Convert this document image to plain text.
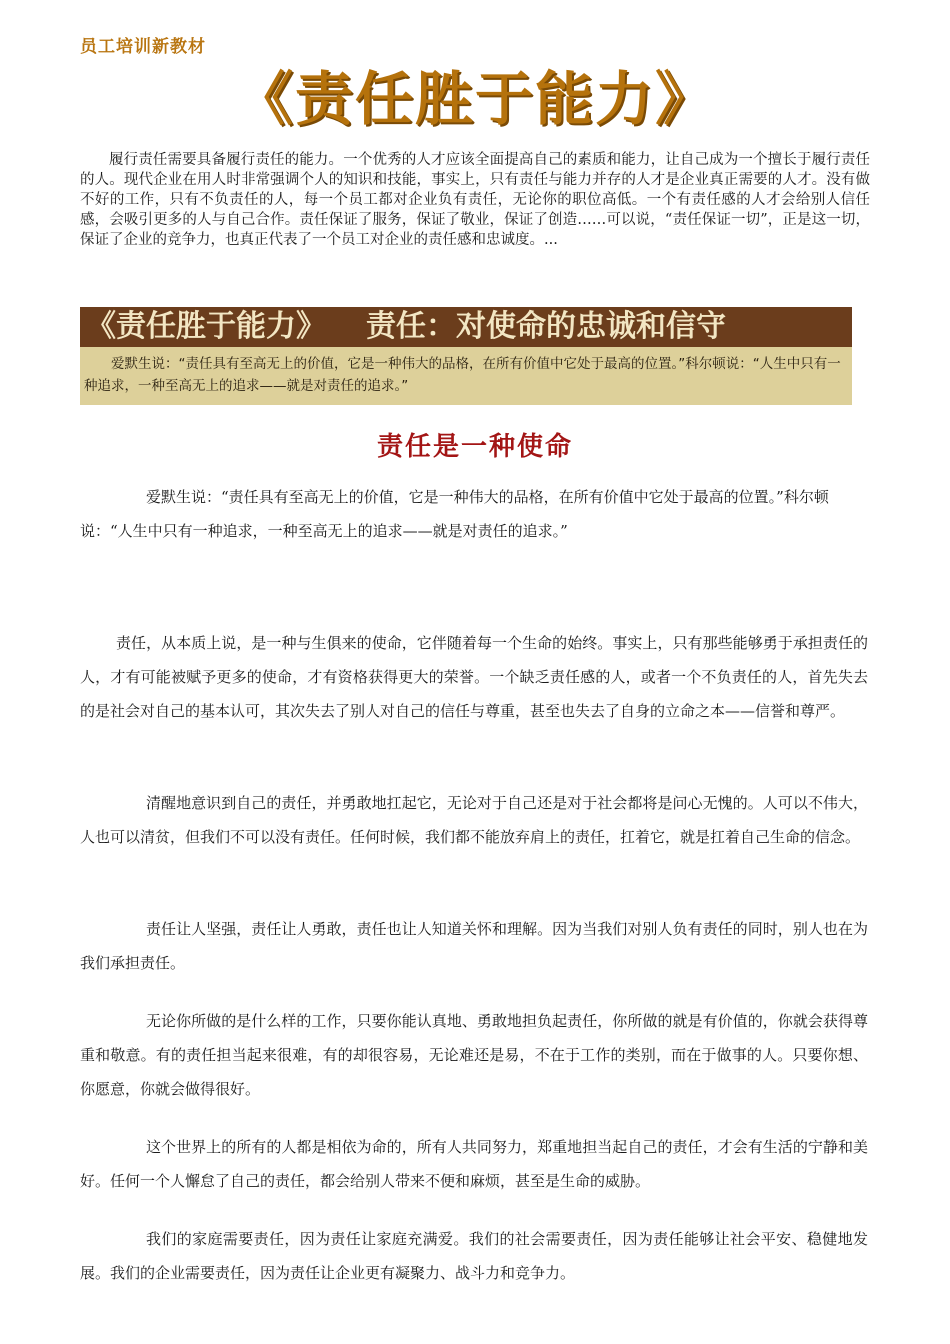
员工培训新教材
《责任胜于能力》
履行责任需要具备履行责任的能力。一个优秀的人才应该全面提高自己的素质和能力，让自己成为一个擅长于履行责任的人。现代企业在用人时非常强调个人的知识和技能，事实上，只有责任与能力并存的人才是企业真正需要的人才。没有做不好的工作，只有不负责任的人，每一个员工都对企业负有责任，无论你的职位高低。一个有责任感的人才会给别人信任感，会吸引更多的人与自己合作。责任保证了服务，保证了敬业，保证了创造……可以说，“责任保证一切”，正是这一切，保证了企业的竞争力，也真正代表了一个员工对企业的责任感和忠诚度。...
《责任胜于能力》 责任：对使命的忠诚和信守
爱默生说：“责任具有至高无上的价值，它是一种伟大的品格，在所有价值中它处于最高的位置。”科尔顿说：“人生中只有一种追求，一种至高无上的追求——就是对责任的追求。”
责任是一种使命
爱默生说：“责任具有至高无上的价值，它是一种伟大的品格，在所有价值中它处于最高的位置。”科尔顿说：“人生中只有一种追求，一种至高无上的追求——就是对责任的追求。”
责任，从本质上说，是一种与生俱来的使命，它伴随着每一个生命的始终。事实上，只有那些能够勇于承担责任的人，才有可能被赋予更多的使命，才有资格获得更大的荣誉。一个缺乏责任感的人，或者一个不负责任的人，首先失去的是社会对自己的基本认可，其次失去了别人对自己的信任与尊重，甚至也失去了自身的立命之本——信誉和尊严。
清醒地意识到自己的责任，并勇敢地扛起它，无论对于自己还是对于社会都将是问心无愧的。人可以不伟大，人也可以清贫，但我们不可以没有责任。任何时候，我们都不能放弃肩上的责任，扛着它，就是扛着自己生命的信念。
责任让人坚强，责任让人勇敢，责任也让人知道关怀和理解。因为当我们对别人负有责任的同时，别人也在为我们承担责任。
无论你所做的是什么样的工作，只要你能认真地、勇敢地担负起责任，你所做的就是有价值的，你就会获得尊重和敬意。有的责任担当起来很难，有的却很容易，无论难还是易，不在于工作的类别，而在于做事的人。只要你想、你愿意，你就会做得很好。
这个世界上的所有的人都是相依为命的，所有人共同努力，郑重地担当起自己的责任，才会有生活的宁静和美好。任何一个人懈怠了自己的责任，都会给别人带来不便和麻烦，甚至是生命的威胁。
我们的家庭需要责任，因为责任让家庭充满爱。我们的社会需要责任，因为责任能够让社会平安、稳健地发展。我们的企业需要责任，因为责任让企业更有凝聚力、战斗力和竞争力。
